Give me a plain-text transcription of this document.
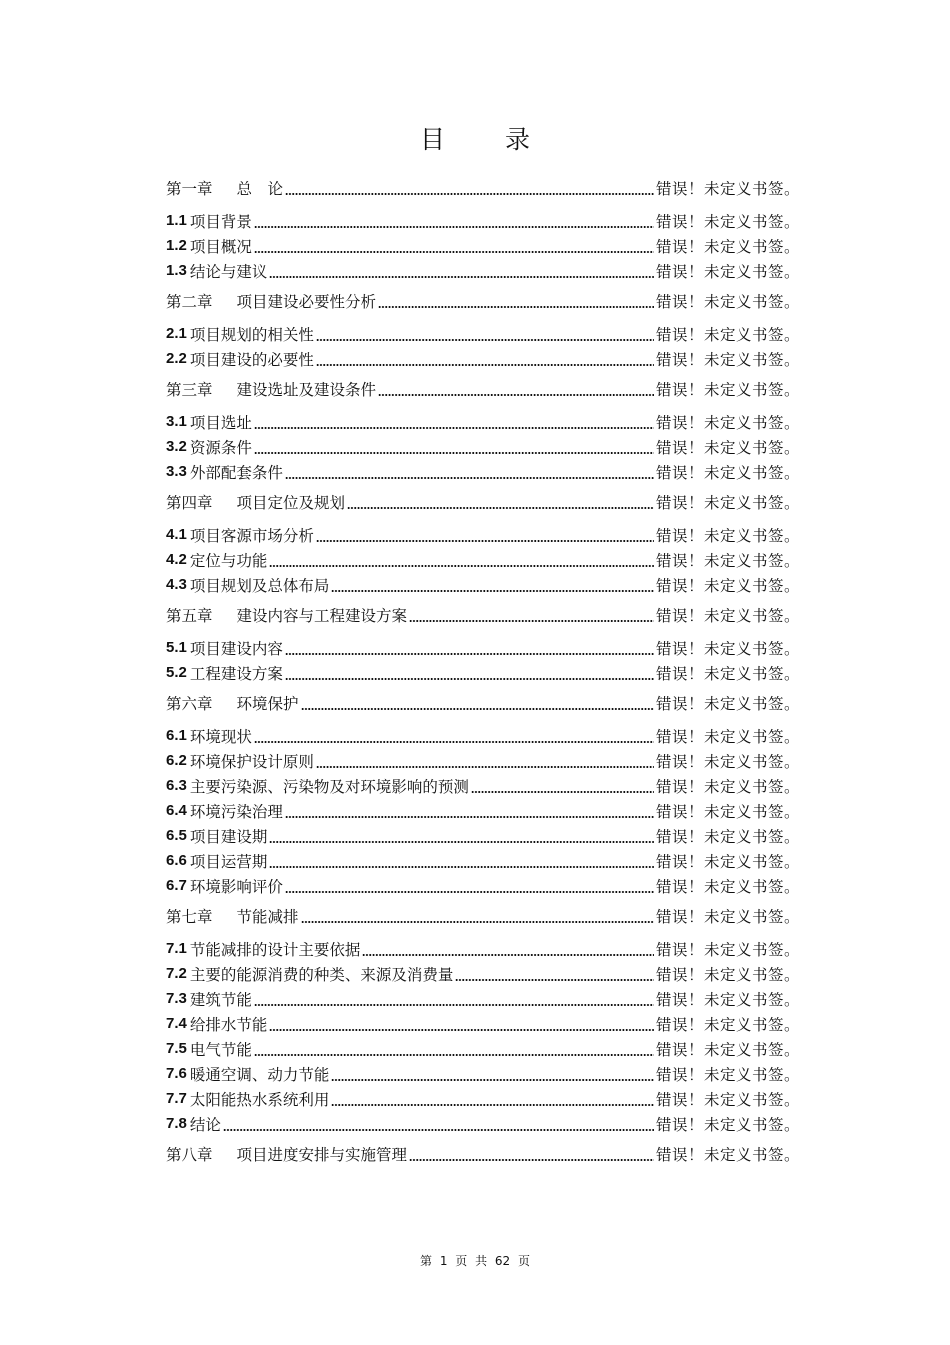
目录
第一章 总　论	错误！未定义书签。
1.1 项目背景	错误！未定义书签。
1.2 项目概况	错误！未定义书签。
1.3 结论与建议	错误！未定义书签。
第二章 项目建设必要性分析	错误！未定义书签。
2.1 项目规划的相关性	错误！未定义书签。
2.2 项目建设的必要性	错误！未定义书签。
第三章 建设选址及建设条件	错误！未定义书签。
3.1 项目选址	错误！未定义书签。
3.2 资源条件	错误！未定义书签。
3.3 外部配套条件	错误！未定义书签。
第四章 项目定位及规划	错误！未定义书签。
4.1 项目客源市场分析	错误！未定义书签。
4.2 定位与功能	错误！未定义书签。
4.3 项目规划及总体布局	错误！未定义书签。
第五章 建设内容与工程建设方案	错误！未定义书签。
5.1 项目建设内容	错误！未定义书签。
5.2 工程建设方案	错误！未定义书签。
第六章 环境保护	错误！未定义书签。
6.1 环境现状	错误！未定义书签。
6.2 环境保护设计原则	错误！未定义书签。
6.3 主要污染源、污染物及对环境影响的预测	错误！未定义书签。
6.4 环境污染治理	错误！未定义书签。
6.5 项目建设期	错误！未定义书签。
6.6 项目运营期	错误！未定义书签。
6.7 环境影响评价	错误！未定义书签。
第七章 节能减排	错误！未定义书签。
7.1 节能减排的设计主要依据	错误！未定义书签。
7.2 主要的能源消费的种类、来源及消费量	错误！未定义书签。
7.3 建筑节能	错误！未定义书签。
7.4 给排水节能	错误！未定义书签。
7.5 电气节能	错误！未定义书签。
7.6 暖通空调、动力节能	错误！未定义书签。
7.7 太阳能热水系统利用	错误！未定义书签。
7.8 结论	错误！未定义书签。
第八章 项目进度安排与实施管理	错误！未定义书签。
第 1 页 共 62 页
